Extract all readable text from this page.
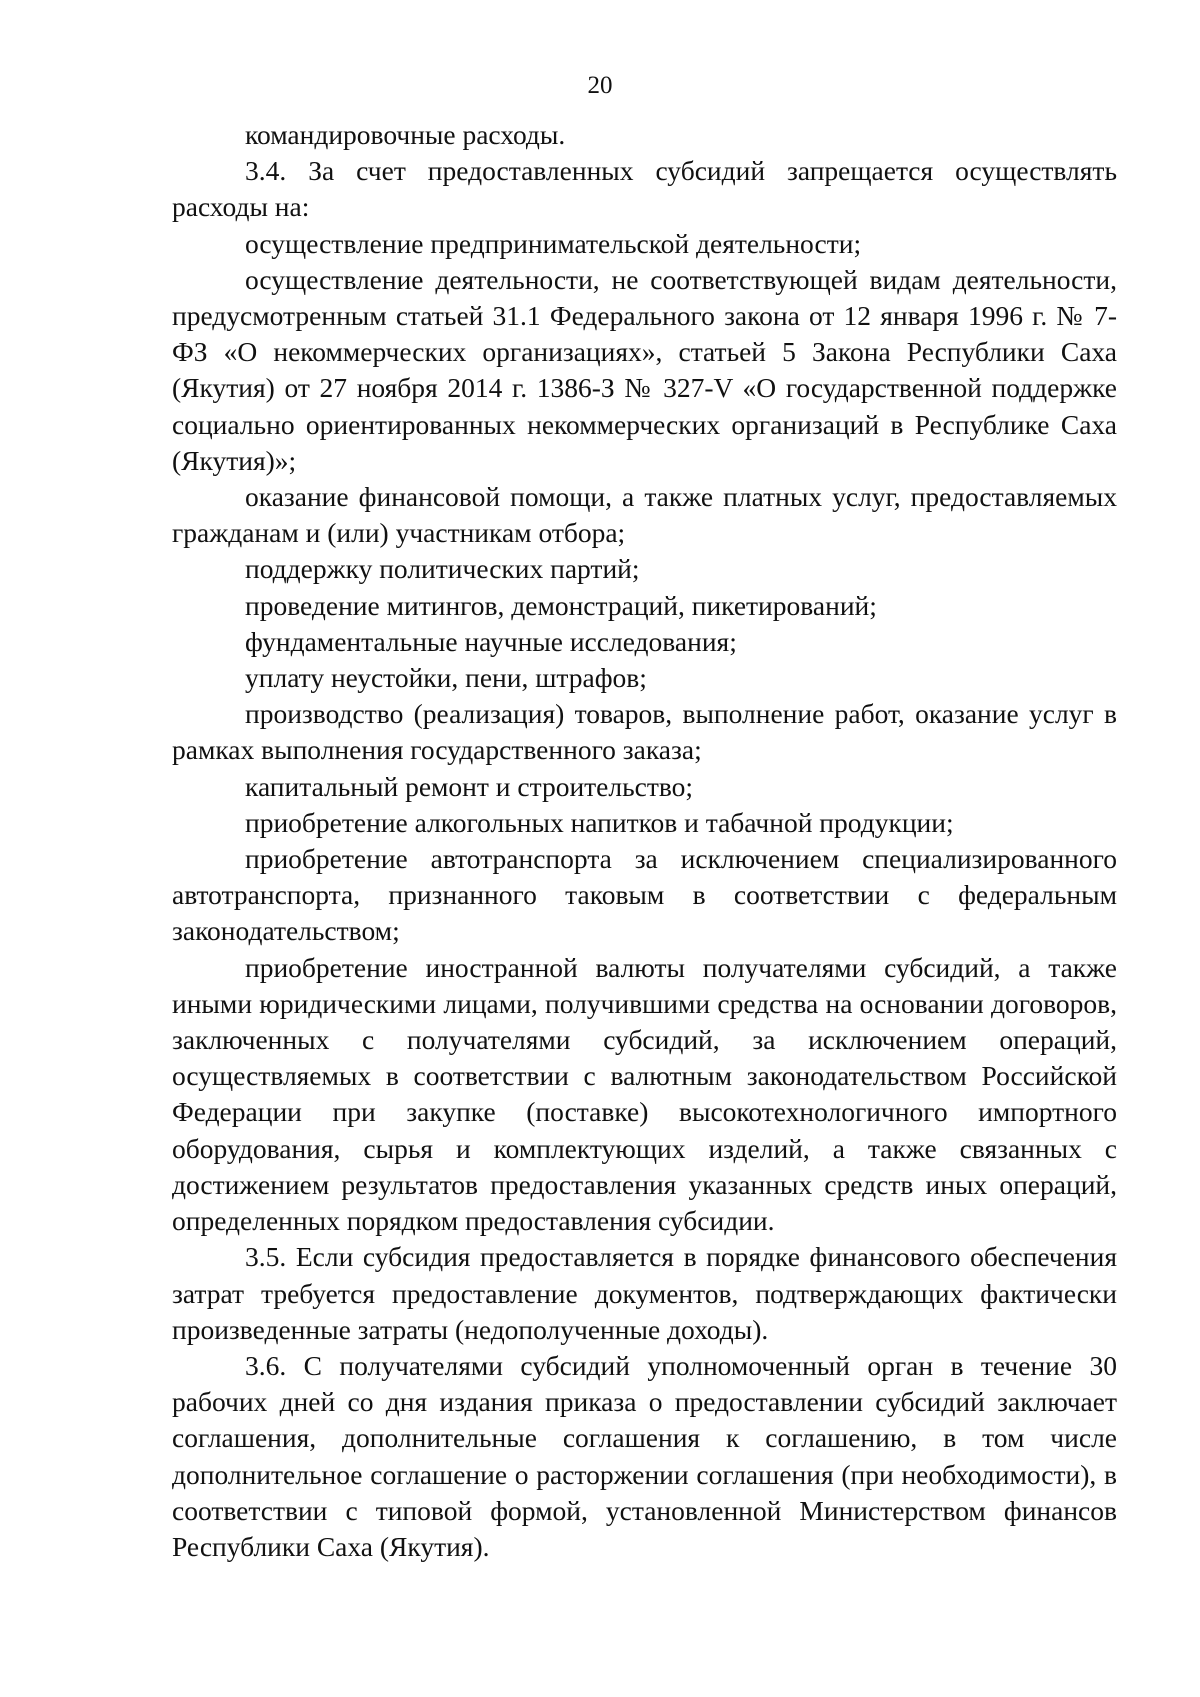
20

командировочные расходы.

3.4. За счет предоставленных субсидий запрещается осуществлять расходы на:

осуществление предпринимательской деятельности;

осуществление деятельности, не соответствующей видам деятельности, предусмотренным статьей 31.1 Федерального закона от 12 января 1996 г. № 7-ФЗ «О некоммерческих организациях», статьей 5 Закона Республики Саха (Якутия) от 27 ноября 2014 г. 1386-З № 327-V «О государственной поддержке социально ориентированных некоммерческих организаций в Республике Саха (Якутия)»;

оказание финансовой помощи, а также платных услуг, предоставляемых гражданам и (или) участникам отбора;

поддержку политических партий;

проведение митингов, демонстраций, пикетирований;

фундаментальные научные исследования;

уплату неустойки, пени, штрафов;

производство (реализация) товаров, выполнение работ, оказание услуг в рамках выполнения государственного заказа;

капитальный ремонт и строительство;

приобретение алкогольных напитков и табачной продукции;

приобретение автотранспорта за исключением специализированного автотранспорта, признанного таковым в соответствии с федеральным законодательством;

приобретение иностранной валюты получателями субсидий, а также иными юридическими лицами, получившими средства на основании договоров, заключенных с получателями субсидий, за исключением операций, осуществляемых в соответствии с валютным законодательством Российской Федерации при закупке (поставке) высокотехнологичного импортного оборудования, сырья и комплектующих изделий, а также связанных с достижением результатов предоставления указанных средств иных операций, определенных порядком предоставления субсидии.

3.5. Если субсидия предоставляется в порядке финансового обеспечения затрат требуется предоставление документов, подтверждающих фактически произведенные затраты (недополученные доходы).

3.6. С получателями субсидий уполномоченный орган в течение 30 рабочих дней со дня издания приказа о предоставлении субсидий заключает соглашения, дополнительные соглашения к соглашению, в том числе дополнительное соглашение о расторжении соглашения (при необходимости), в соответствии с типовой формой, установленной Министерством финансов Республики Саха (Якутия).
